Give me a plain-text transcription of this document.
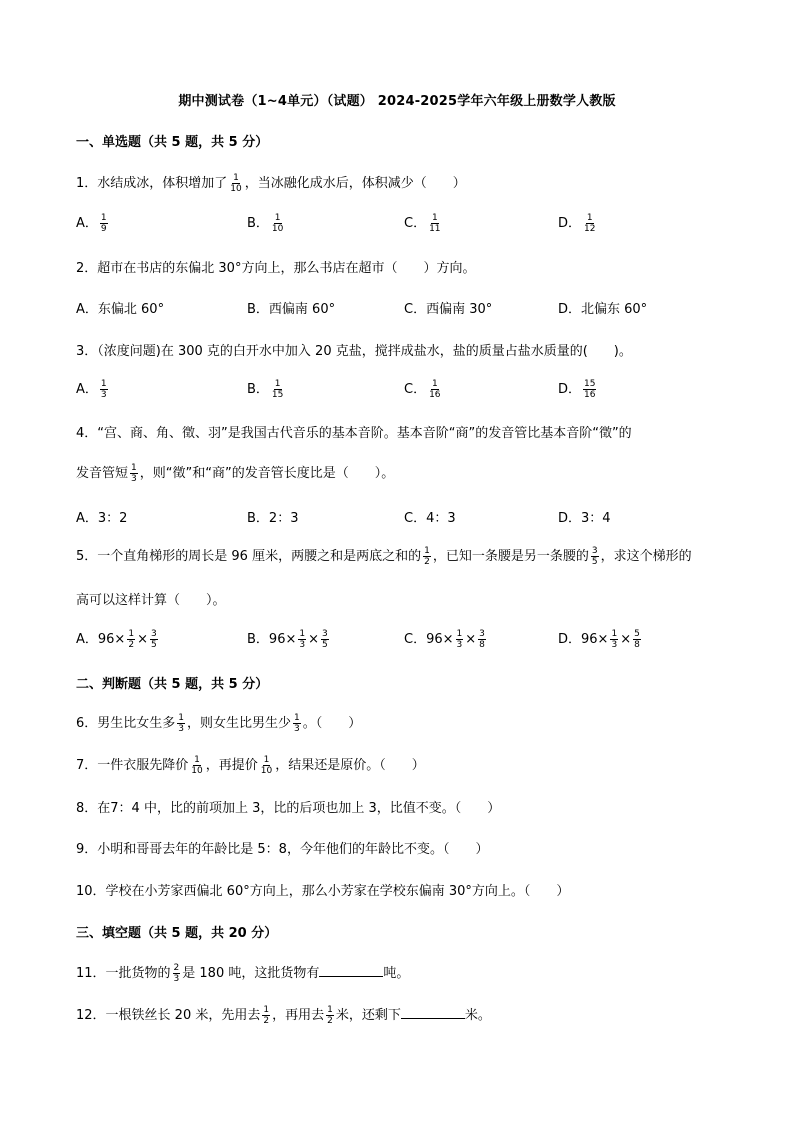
期中测试卷（1~4单元）（试题） 2024-2025学年六年级上册数学人教版
一、单选题（共 5 题，共 5 分）
1．水结成冰，体积增加了 $\frac{1}{10}$ ，当冰融化成水后，体积减少（　　）
A． $\frac{1}{9}$	B． $\frac{1}{10}$	C． $\frac{1}{11}$	D． $\frac{1}{12}$
2．超市在书店的东偏北 30°方向上，那么书店在超市（　　）方向。
A．东偏北 60°	B．西偏南 60°	C．西偏南 30°	D．北偏东 60°
3．（浓度问题)在 300 克的白开水中加入 20 克盐，搅拌成盐水，盐的质量占盐水质量的(　　)。
A． $\frac{1}{3}$	B． $\frac{1}{15}$	C． $\frac{1}{16}$	D． $\frac{15}{16}$
4．“宫、商、角、徵、羽”是我国古代音乐的基本音阶。基本音阶“商”的发音管比基本音阶“徵”的
发音管短 $\frac{1}{3}$ ，则“徵”和“商”的发音管长度比是（　　）。
A．3：2	B．2：3	C．4：3	D．3：4
5．一个直角梯形的周长是 96 厘米，两腰之和是两底之和的 $\frac{1}{2}$ ，已知一条腰是另一条腰的 $\frac{3}{5}$ ，求这个梯形的
高可以这样计算（　　）。
A．$96\times \frac{1}{2} \times \frac{3}{5}$	B．$96\times \frac{1}{3} \times \frac{3}{5}$	C．$96\times \frac{1}{3} \times \frac{3}{8}$	D．$96\times \frac{1}{3} \times \frac{5}{8}$
二、判断题（共 5 题，共 5 分）
6．男生比女生多 $\frac{1}{3}$ ，则女生比男生少 $\frac{1}{3}$ 。（　　）
7．一件衣服先降价 $\frac{1}{10}$ ，再提价 $\frac{1}{10}$ ，结果还是原价。（　　）
8．在7：4 中，比的前项加上 3，比的后项也加上 3，比值不变。（　　）
9．小明和哥哥去年的年龄比是 5：8，今年他们的年龄比不变。（　　）
10．学校在小芳家西偏北 60°方向上，那么小芳家在学校东偏南 30°方向上。（　　）
三、填空题（共 5 题，共 20 分）
11．一批货物的 $\frac{2}{3}$ 是 180 吨，这批货物有	吨。
12．一根铁丝长 20 米，先用去 $\frac{1}{2}$ ，再用去 $\frac{1}{2}$ 米，还剩下	米。
